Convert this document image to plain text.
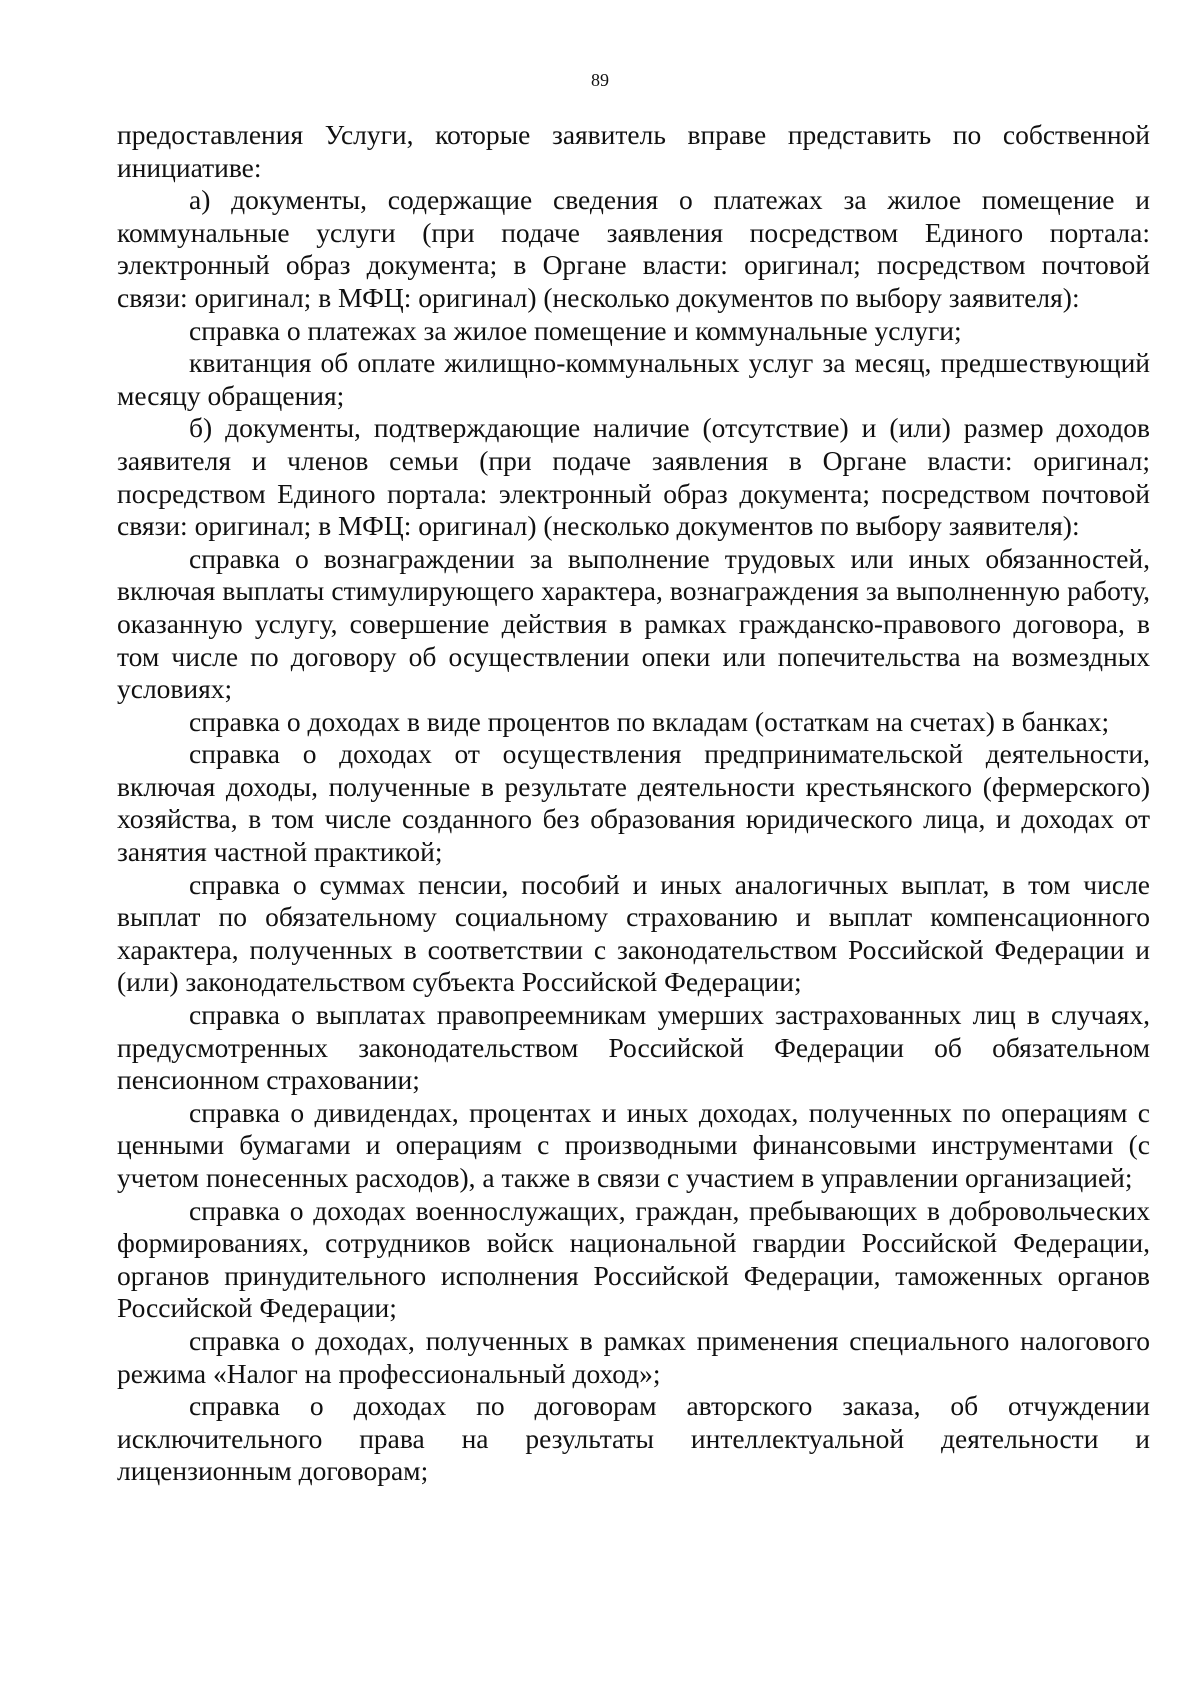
89

предоставления Услуги, которые заявитель вправе представить по собственной инициативе:

а) документы, содержащие сведения о платежах за жилое помещение и коммунальные услуги (при подаче заявления посредством Единого портала: электронный образ документа; в Органе власти: оригинал; посредством почтовой связи: оригинал; в МФЦ: оригинал) (несколько документов по выбору заявителя):

справка о платежах за жилое помещение и коммунальные услуги;

квитанция об оплате жилищно-коммунальных услуг за месяц, предшествующий месяцу обращения;

б) документы, подтверждающие наличие (отсутствие) и (или) размер доходов заявителя и членов семьи (при подаче заявления в Органе власти: оригинал; посредством Единого портала: электронный образ документа; посредством почтовой связи: оригинал; в МФЦ: оригинал) (несколько документов по выбору заявителя):

справка о вознаграждении за выполнение трудовых или иных обязанностей, включая выплаты стимулирующего характера, вознаграждения за выполненную работу, оказанную услугу, совершение действия в рамках гражданско-правового договора, в том числе по договору об осуществлении опеки или попечительства на возмездных условиях;

справка о доходах в виде процентов по вкладам (остаткам на счетах) в банках;

справка о доходах от осуществления предпринимательской деятельности, включая доходы, полученные в результате деятельности крестьянского (фермерского) хозяйства, в том числе созданного без образования юридического лица, и доходах от занятия частной практикой;

справка о суммах пенсии, пособий и иных аналогичных выплат, в том числе выплат по обязательному социальному страхованию и выплат компенсационного характера, полученных в соответствии с законодательством Российской Федерации и (или) законодательством субъекта Российской Федерации;

справка о выплатах правопреемникам умерших застрахованных лиц в случаях, предусмотренных законодательством Российской Федерации об обязательном пенсионном страховании;

справка о дивидендах, процентах и иных доходах, полученных по операциям с ценными бумагами и операциям с производными финансовыми инструментами (с учетом понесенных расходов), а также в связи с участием в управлении организацией;

справка о доходах военнослужащих, граждан, пребывающих в добровольческих формированиях, сотрудников войск национальной гвардии Российской Федерации, органов принудительного исполнения Российской Федерации, таможенных органов Российской Федерации;

справка о доходах, полученных в рамках применения специального налогового режима «Налог на профессиональный доход»;

справка о доходах по договорам авторского заказа, об отчуждении исключительного права на результаты интеллектуальной деятельности и лицензионным договорам;
